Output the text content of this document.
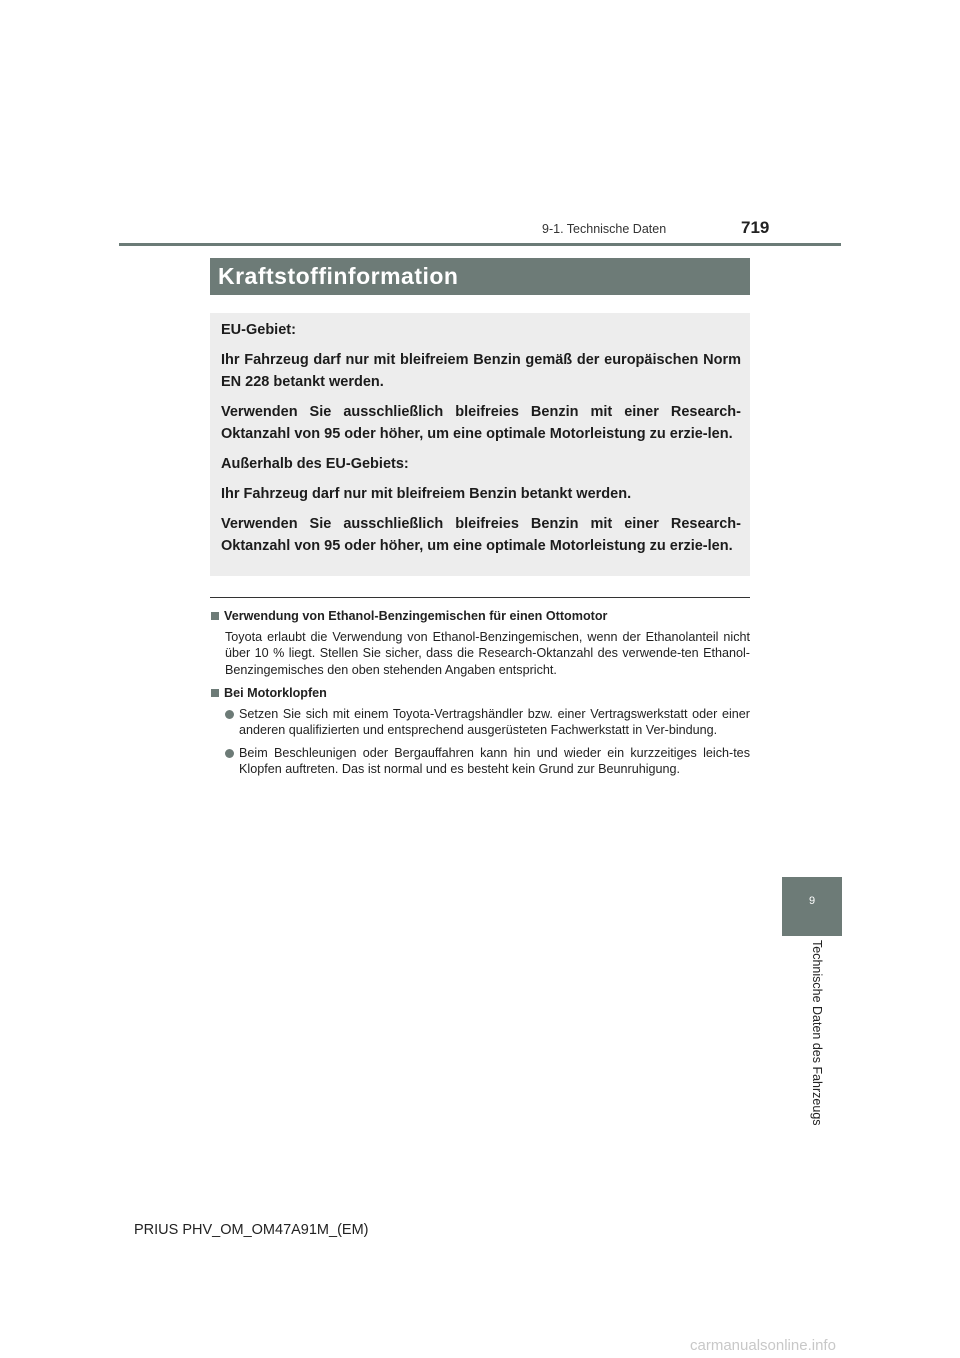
9-1. Technische Daten	719
Kraftstoffinformation

EU-Gebiet:

Ihr Fahrzeug darf nur mit bleifreiem Benzin gemäß der europäischen Norm EN 228 betankt werden.

Verwenden Sie ausschließlich bleifreies Benzin mit einer Research-Oktanzahl von 95 oder höher, um eine optimale Motorleistung zu erzie-len.

Außerhalb des EU-Gebiets:

Ihr Fahrzeug darf nur mit bleifreiem Benzin betankt werden.

Verwenden Sie ausschließlich bleifreies Benzin mit einer Research-Oktanzahl von 95 oder höher, um eine optimale Motorleistung zu erzie-len.

Verwendung von Ethanol-Benzingemischen für einen Ottomotor
Toyota erlaubt die Verwendung von Ethanol-Benzingemischen, wenn der Ethanolanteil nicht über 10 % liegt. Stellen Sie sicher, dass die Research-Oktanzahl des verwende-ten Ethanol-Benzingemisches den oben stehenden Angaben entspricht.
Bei Motorklopfen
Setzen Sie sich mit einem Toyota-Vertragshändler bzw. einer Vertragswerkstatt oder einer anderen qualifizierten und entsprechend ausgerüsteten Fachwerkstatt in Ver-bindung.
Beim Beschleunigen oder Bergauffahren kann hin und wieder ein kurzzeitiges leich-tes Klopfen auftreten. Das ist normal und es besteht kein Grund zur Beunruhigung.
9
Technische Daten des Fahrzeugs
PRIUS PHV_OM_OM47A91M_(EM)
carmanualsonline.info
